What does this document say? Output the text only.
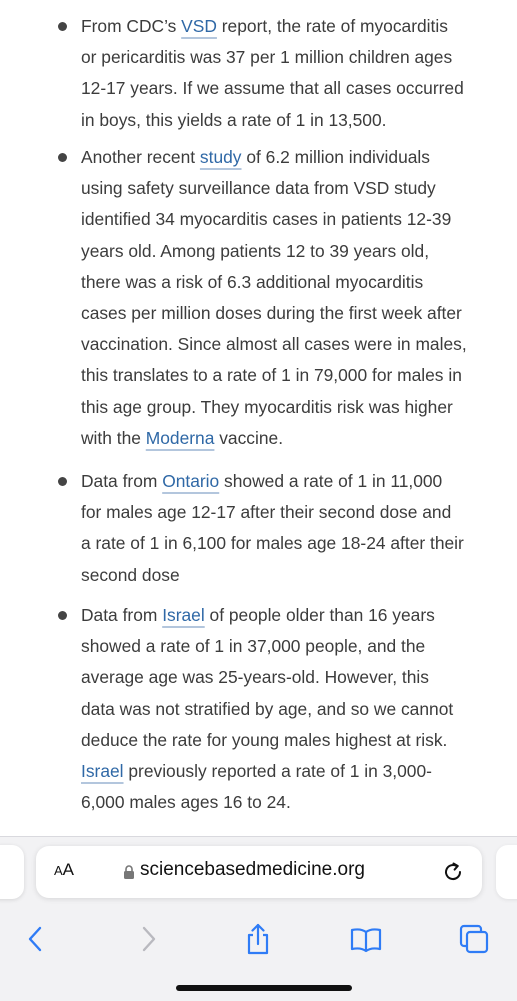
From CDC’s VSD report, the rate of myocarditis
or pericarditis was 37 per 1 million children ages
12-17 years. If we assume that all cases occurred
in boys, this yields a rate of 1 in 13,500.
Another recent study of 6.2 million individuals
using safety surveillance data from VSD study
identified 34 myocarditis cases in patients 12-39
years old. Among patients 12 to 39 years old,
there was a risk of 6.3 additional myocarditis
cases per million doses during the first week after
vaccination. Since almost all cases were in males,
this translates to a rate of 1 in 79,000 for males in
this age group. They myocarditis risk was higher
with the Moderna vaccine.
Data from Ontario showed a rate of 1 in 11,000
for males age 12-17 after their second dose and
a rate of 1 in 6,100 for males age 18-24 after their
second dose
Data from Israel of people older than 16 years
showed a rate of 1 in 37,000 people, and the
average age was 25-years-old. However, this
data was not stratified by age, and so we cannot
deduce the rate for young males highest at risk.
Israel previously reported a rate of 1 in 3,000-
6,000 males ages 16 to 24.
AA	sciencebasedmedicine.org
